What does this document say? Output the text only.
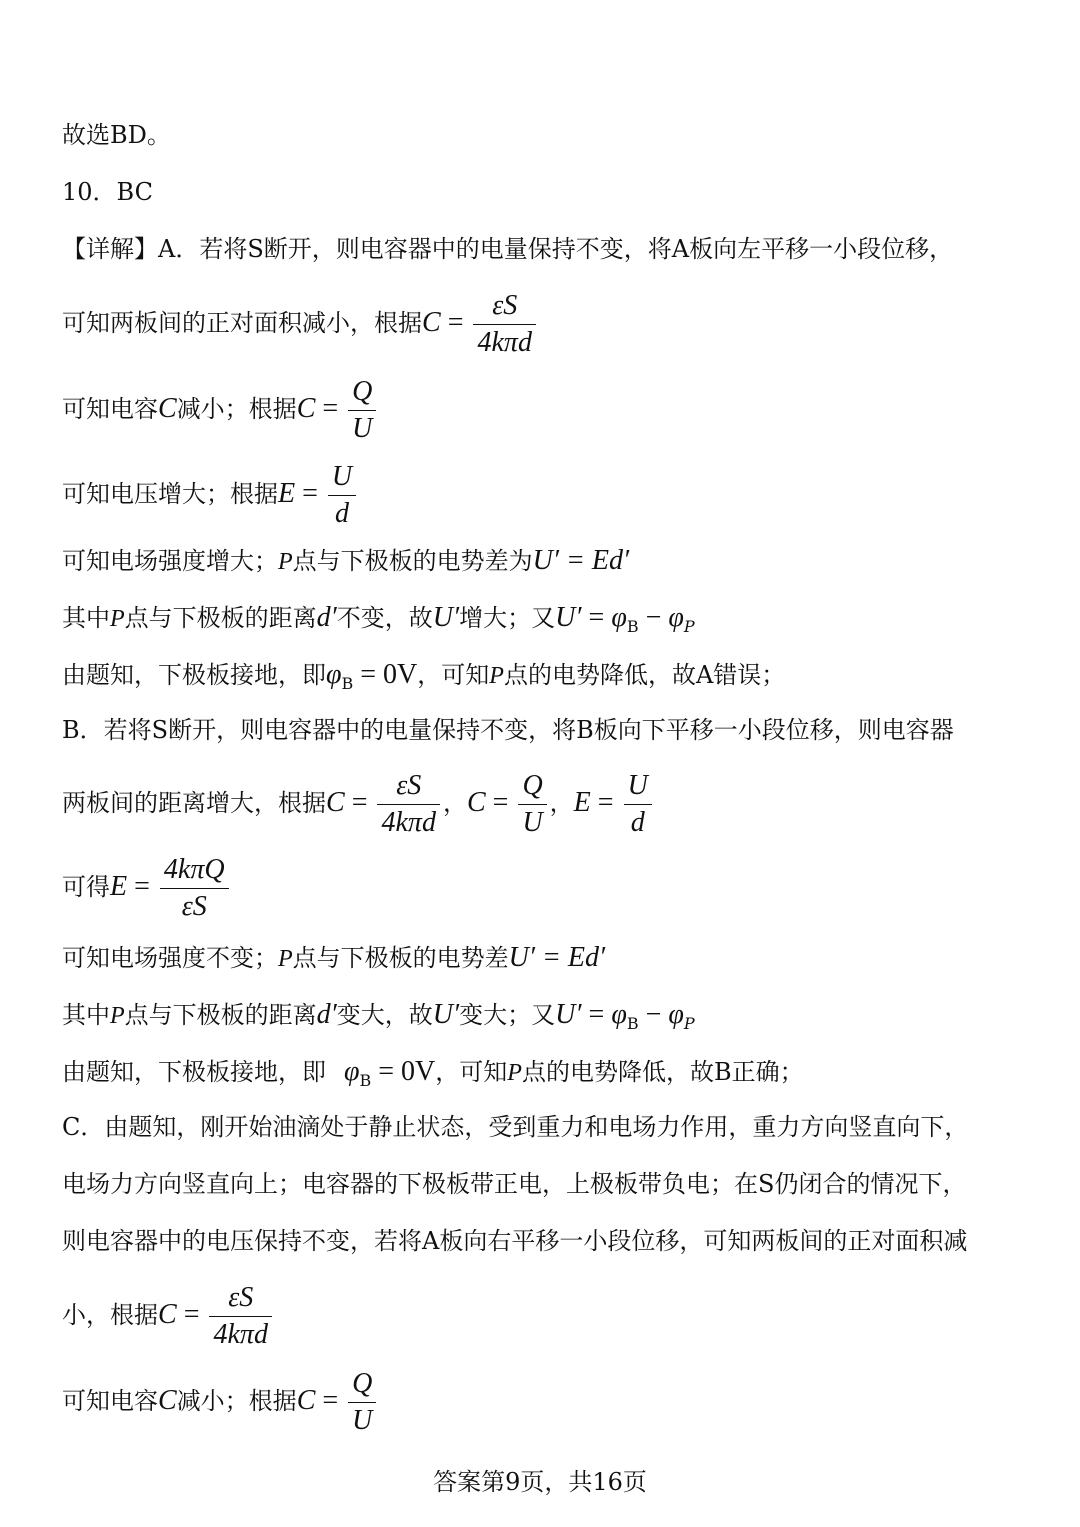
故选BD。
10．BC
【详解】A．若将S断开，则电容器中的电量保持不变，将A板向左平移一小段位移，
可知两板间的正对面积减小，根据$C = \frac{\varepsilon S}{\text{4kπd}}$
可知电容C减小；根据$C = \frac{Q}{U}$
可知电压增大；根据$E = \frac{U}{d}$
可知电场强度增大；P点与下极板的电势差为U′ = Ed′
其中P点与下极板的距离d′不变，故U′增大；又$U' = \varphi_B - \varphi_P$
由题知，下极板接地，即$\varphi_B = 0V$，可知P点的电势降低，故A错误；
B．若将S断开，则电容器中的电量保持不变，将B板向下平移一小段位移，则电容器
两板间的距离增大，根据$C = \frac{\varepsilon S}{\text{4kπd}}$ ，$C = \frac{Q}{U}$ ，$E = \frac{U}{d}$
可得$E = \frac{\text{4kπQ}}{\varepsilon S}$
可知电场强度不变；P点与下极板的电势差U′ = Ed′
其中P点与下极板的距离d′变大，故U′变大；又$U' = \varphi_B - \varphi_P$
由题知，下极板接地，即 $\varphi_B = 0V$，可知P点的电势降低，故B正确；
C．由题知，刚开始油滴处于静止状态，受到重力和电场力作用，重力方向竖直向下，
电场力方向竖直向上；电容器的下极板带正电，上极板带负电；在S仍闭合的情况下，
则电容器中的电压保持不变，若将A板向右平移一小段位移，可知两板间的正对面积减
小，根据$C = \frac{\varepsilon S}{\text{4kπd}}$
可知电容C减小；根据$C = \frac{Q}{U}$
答案第9页，共16页
